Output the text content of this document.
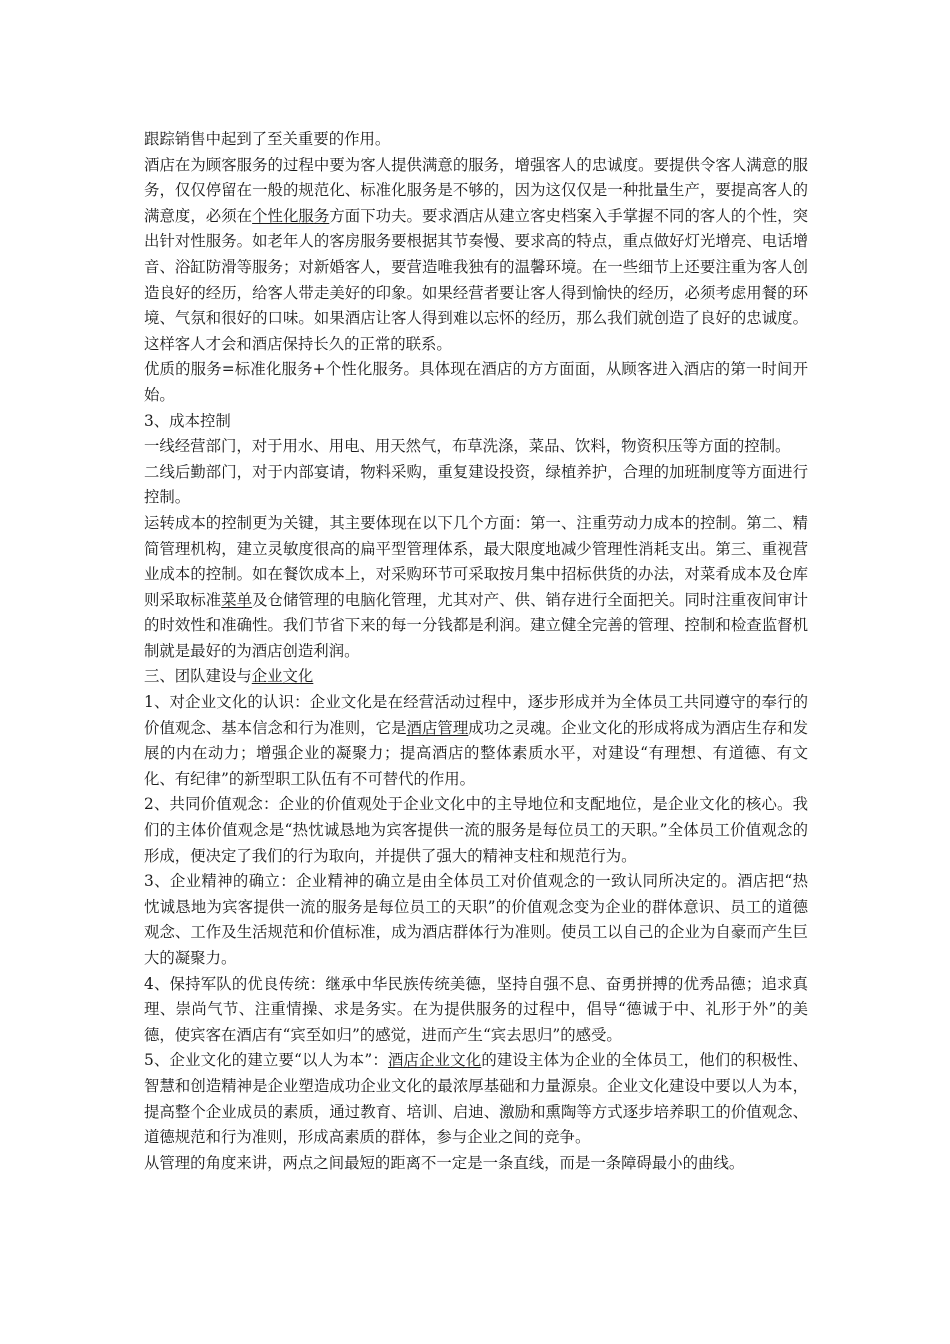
跟踪销售中起到了至关重要的作用。

酒店在为顾客服务的过程中要为客人提供满意的服务，增强客人的忠诚度。要提供令客人满意的服务，仅仅停留在一般的规范化、标准化服务是不够的，因为这仅仅是一种批量生产，要提高客人的满意度，必须在个性化服务方面下功夫。要求酒店从建立客史档案入手掌握不同的客人的个性，突出针对性服务。如老年人的客房服务要根据其节奏慢、要求高的特点，重点做好灯光增亮、电话增音、浴缸防滑等服务；对新婚客人，要营造唯我独有的温馨环境。在一些细节上还要注重为客人创造良好的经历，给客人带走美好的印象。如果经营者要让客人得到愉快的经历，必须考虑用餐的环境、气氛和很好的口味。如果酒店让客人得到难以忘怀的经历，那么我们就创造了良好的忠诚度。这样客人才会和酒店保持长久的正常的联系。

优质的服务=标准化服务+个性化服务。具体现在酒店的方方面面，从顾客进入酒店的第一时间开始。

3、成本控制

一线经营部门，对于用水、用电、用天然气，布草洗涤，菜品、饮料，物资积压等方面的控制。

二线后勤部门，对于内部宴请，物料采购，重复建设投资，绿植养护，合理的加班制度等方面进行控制。

运转成本的控制更为关键，其主要体现在以下几个方面：第一、注重劳动力成本的控制。第二、精简管理机构，建立灵敏度很高的扁平型管理体系，最大限度地减少管理性消耗支出。第三、重视营业成本的控制。如在餐饮成本上，对采购环节可采取按月集中招标供货的办法，对菜肴成本及仓库则采取标准菜单及仓储管理的电脑化管理，尤其对产、供、销存进行全面把关。同时注重夜间审计的时效性和准确性。我们节省下来的每一分钱都是利润。建立健全完善的管理、控制和检查监督机制就是最好的为酒店创造利润。

三、团队建设与企业文化

1、对企业文化的认识：企业文化是在经营活动过程中，逐步形成并为全体员工共同遵守的奉行的价值观念、基本信念和行为准则，它是酒店管理成功之灵魂。企业文化的形成将成为酒店生存和发展的内在动力；增强企业的凝聚力；提高酒店的整体素质水平，对建设“有理想、有道德、有文化、有纪律”的新型职工队伍有不可替代的作用。

2、共同价值观念：企业的价值观处于企业文化中的主导地位和支配地位，是企业文化的核心。我们的主体价值观念是“热忱诚恳地为宾客提供一流的服务是每位员工的天职。”全体员工价值观念的形成，便决定了我们的行为取向，并提供了强大的精神支柱和规范行为。

3、企业精神的确立：企业精神的确立是由全体员工对价值观念的一致认同所决定的。酒店把“热忱诚恳地为宾客提供一流的服务是每位员工的天职”的价值观念变为企业的群体意识、员工的道德观念、工作及生活规范和价值标准，成为酒店群体行为准则。使员工以自己的企业为自豪而产生巨大的凝聚力。

4、保持军队的优良传统：继承中华民族传统美德，坚持自强不息、奋勇拼搏的优秀品德；追求真理、崇尚气节、注重情操、求是务实。在为提供服务的过程中，倡导“德诚于中、礼形于外”的美德，使宾客在酒店有“宾至如归”的感觉，进而产生“宾去思归”的感受。

5、企业文化的建立要“以人为本”：酒店企业文化的建设主体为企业的全体员工，他们的积极性、智慧和创造精神是企业塑造成功企业文化的最浓厚基础和力量源泉。企业文化建设中要以人为本，提高整个企业成员的素质，通过教育、培训、启迪、激励和熏陶等方式逐步培养职工的价值观念、道德规范和行为准则，形成高素质的群体，参与企业之间的竞争。

从管理的角度来讲，两点之间最短的距离不一定是一条直线，而是一条障碍最小的曲线。
